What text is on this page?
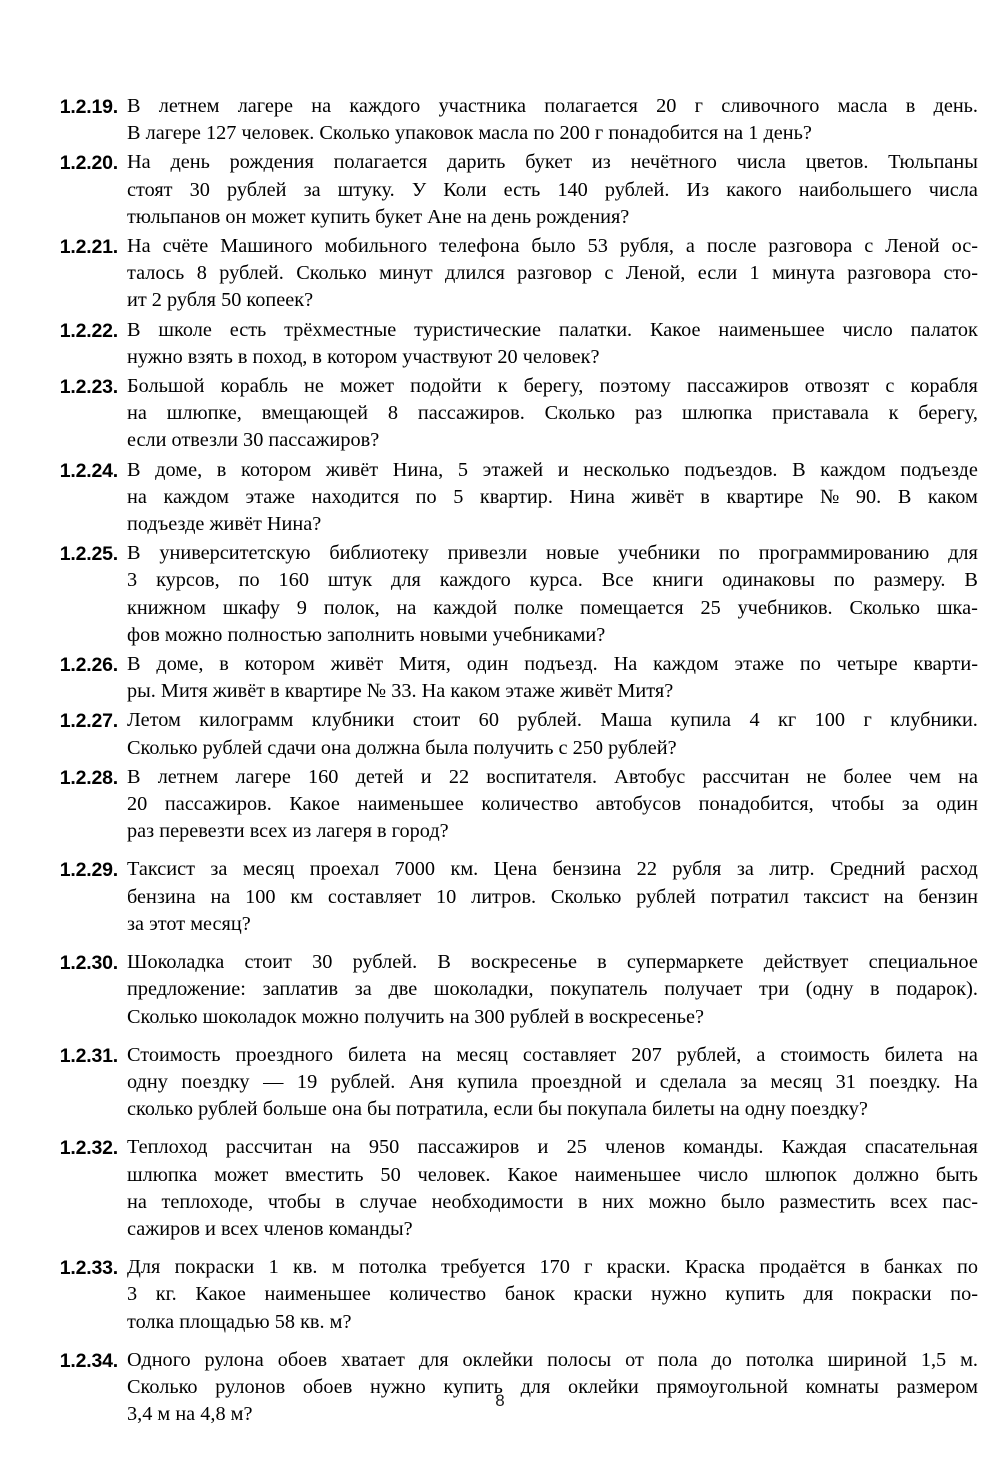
1.2.19. В летнем лагере на каждого участника полагается 20 г сливочного масла в день.
В лагере 127 человек. Сколько упаковок масла по 200 г понадобится на 1 день?
1.2.20. На день рождения полагается дарить букет из нечётного числа цветов. Тюльпаны
стоят 30 рублей за штуку. У Коли есть 140 рублей. Из какого наибольшего числа
тюльпанов он может купить букет Ане на день рождения?
1.2.21. На счёте Машиного мобильного телефона было 53 рубля, а после разговора с Леной ос-
талось 8 рублей. Сколько минут длился разговор с Леной, если 1 минута разговора сто-
ит 2 рубля 50 копеек?
1.2.22. В школе есть трёхместные туристические палатки. Какое наименьшее число палаток
нужно взять в поход, в котором участвуют 20 человек?
1.2.23. Большой корабль не может подойти к берегу, поэтому пассажиров отвозят с корабля
на шлюпке, вмещающей 8 пассажиров. Сколько раз шлюпка приставала к берегу,
если отвезли 30 пассажиров?
1.2.24. В доме, в котором живёт Нина, 5 этажей и несколько подъездов. В каждом подъезде
на каждом этаже находится по 5 квартир. Нина живёт в квартире № 90. В каком
подъезде живёт Нина?
1.2.25. В университетскую библиотеку привезли новые учебники по программированию для
3 курсов, по 160 штук для каждого курса. Все книги одинаковы по размеру. В
книжном шкафу 9 полок, на каждой полке помещается 25 учебников. Сколько шка-
фов можно полностью заполнить новыми учебниками?
1.2.26. В доме, в котором живёт Митя, один подъезд. На каждом этаже по четыре кварти-
ры. Митя живёт в квартире № 33. На каком этаже живёт Митя?
1.2.27. Летом килограмм клубники стоит 60 рублей. Маша купила 4 кг 100 г клубники.
Сколько рублей сдачи она должна была получить с 250 рублей?
1.2.28. В летнем лагере 160 детей и 22 воспитателя. Автобус рассчитан не более чем на
20 пассажиров. Какое наименьшее количество автобусов понадобится, чтобы за один
раз перевезти всех из лагеря в город?
1.2.29. Таксист за месяц проехал 7000 км. Цена бензина 22 рубля за литр. Средний расход
бензина на 100 км составляет 10 литров. Сколько рублей потратил таксист на бензин
за этот месяц?
1.2.30. Шоколадка стоит 30 рублей. В воскресенье в супермаркете действует специальное
предложение: заплатив за две шоколадки, покупатель получает три (одну в подарок).
Сколько шоколадок можно получить на 300 рублей в воскресенье?
1.2.31. Стоимость проездного билета на месяц составляет 207 рублей, а стоимость билета на
одну поездку — 19 рублей. Аня купила проездной и сделала за месяц 31 поездку. На
сколько рублей больше она бы потратила, если бы покупала билеты на одну поездку?
1.2.32. Теплоход рассчитан на 950 пассажиров и 25 членов команды. Каждая спасательная
шлюпка может вместить 50 человек. Какое наименьшее число шлюпок должно быть
на теплоходе, чтобы в случае необходимости в них можно было разместить всех пас-
сажиров и всех членов команды?
1.2.33. Для покраски 1 кв. м потолка требуется 170 г краски. Краска продаётся в банках по
3 кг. Какое наименьшее количество банок краски нужно купить для покраски по-
толка площадью 58 кв. м?
1.2.34. Одного рулона обоев хватает для оклейки полосы от пола до потолка шириной 1,5 м.
Сколько рулонов обоев нужно купить для оклейки прямоугольной комнаты размером
3,4 м на 4,8 м?
8
